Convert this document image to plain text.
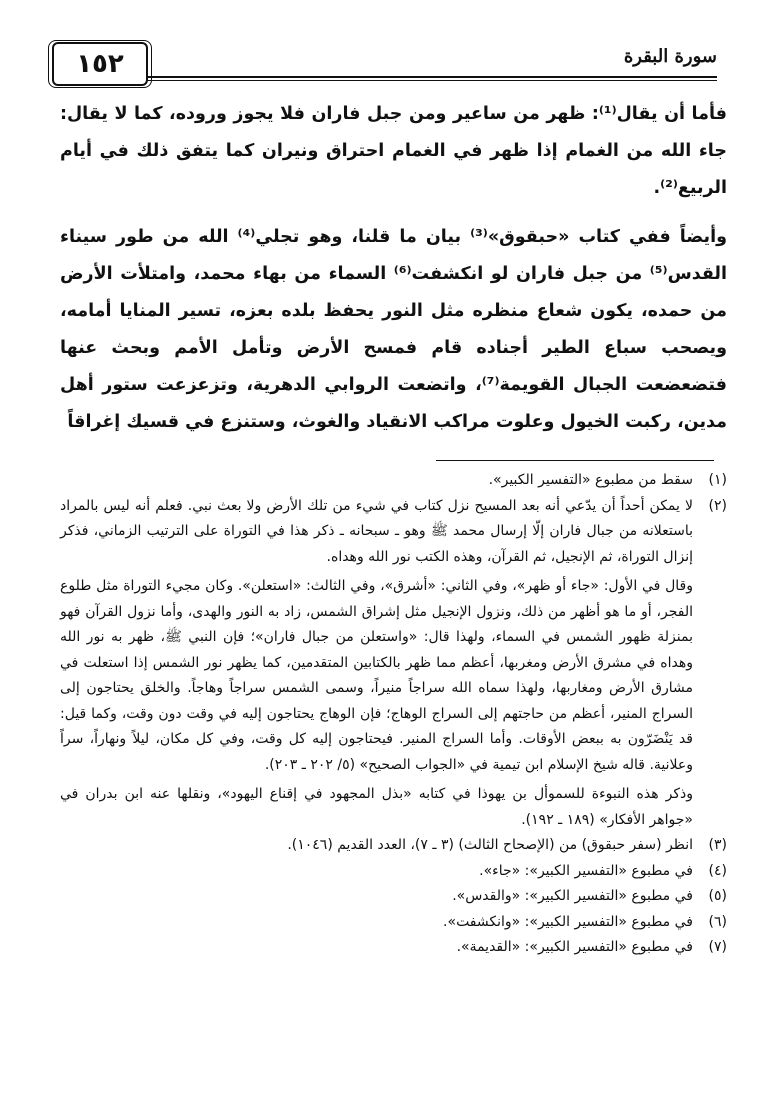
١٥٢	سورة البقرة

فأما أن يقال⁽¹⁾: ظهر من ساعير ومن جبل فاران فلا يجوز وروده، كما لا يقال: جاء الله من الغمام إذا ظهر في الغمام احتراق ونيران كما يتفق ذلك في أيام الربيع⁽²⁾.

وأيضاً ففي كتاب «حبقوق»⁽³⁾ بيان ما قلنا، وهو تجلي⁽⁴⁾ الله من طور سيناء القدس⁽⁵⁾ من جبل فاران لو انكشفت⁽⁶⁾ السماء من بهاء محمد، وامتلأت الأرض من حمده، يكون شعاع منظره مثل النور يحفظ بلده بعزه، تسير المنايا أمامه، ويصحب سباع الطير أجناده قام فمسح الأرض وتأمل الأمم وبحث عنها فتضعضعت الجبال القويمة⁽⁷⁾، واتضعت الروابي الدهرية، وتزعزعت ستور أهل مدين، ركبت الخيول وعلوت مراكب الانقياد والغوث، وستنزع في قسيك إغراقاً

(١)
سقط من مطبوع «التفسير الكبير».
(٢)
لا يمكن أحداً أن يدّعي أنه بعد المسيح نزل كتاب في شيء من تلك الأرض ولا بعث نبي. فعلم أنه ليس بالمراد باستعلانه من جبال فاران إلّا إرسال محمد ﷺ وهو ـ سبحانه ـ ذكر هذا في التوراة على الترتيب الزماني، فذكر إنزال التوراة، ثم الإنجيل، ثم القرآن، وهذه الكتب نور الله وهداه.
وقال في الأول: «جاء أو ظهر»، وفي الثاني: «أشرق»، وفي الثالث: «استعلن». وكان مجيء التوراة مثل طلوع الفجر، أو ما هو أظهر من ذلك، ونزول الإنجيل مثل إشراق الشمس، زاد به النور والهدى، وأما نزول القرآن فهو بمنزلة ظهور الشمس في السماء، ولهذا قال: «واستعلن من جبال فاران»؛ فإن النبي ﷺ، ظهر به نور الله وهداه في مشرق الأرض ومغربها، أعظم مما ظهر بالكتابين المتقدمين، كما يظهر نور الشمس إذا استعلت في مشارق الأرض ومغاربها، ولهذا سماه الله سراجاً منيراً، وسمى الشمس سراجاً وهاجاً. والخلق يحتاجون إلى السراج المنير، أعظم من حاجتهم إلى السراج الوهاج؛ فإن الوهاج يحتاجون إليه في وقت دون وقت، وكما قيل: قد يَنْضَرّون به ببعض الأوقات. وأما السراج المنير. فيحتاجون إليه كل وقت، وفي كل مكان، ليلاً ونهاراً، سراً وعلانية. قاله شيخ الإسلام ابن تيمية في «الجواب الصحيح» (٥/ ٢٠٢ ـ ٢٠٣).
وذكر هذه النبوءة للسموأل بن يهوذا في كتابه «بذل المجهود في إقناع اليهود»، ونقلها عنه ابن بدران في «جواهر الأفكار» (١٨٩ ـ ١٩٢).
(٣)
انظر (سفر حبقوق) من (الإصحاح الثالث) (٣ ـ ٧)، العدد القديم (١٠٤٦).
(٤)
في مطبوع «التفسير الكبير»: «جاء».
(٥)
في مطبوع «التفسير الكبير»: «والقدس».
(٦)
في مطبوع «التفسير الكبير»: «وانكشفت».
(٧)
في مطبوع «التفسير الكبير»: «القديمة».
